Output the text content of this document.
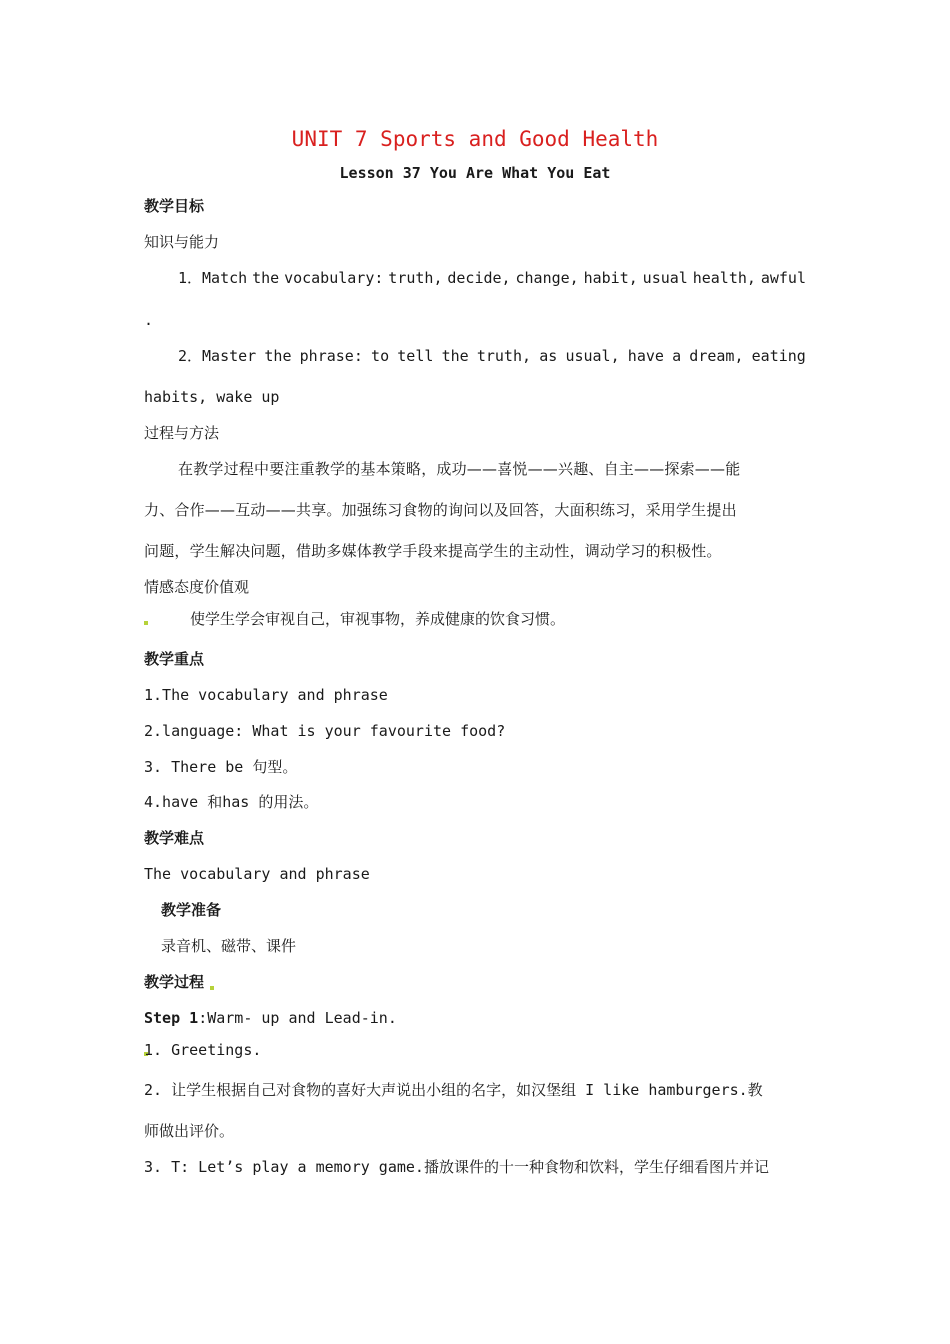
UNIT 7 Sports and Good Health
Lesson 37 You Are What You Eat
教学目标
知识与能力
1．Match the vocabulary: truth, decide, change, habit, usual health, awful
.
2．Master the phrase: to tell the truth, as usual, have a dream, eating
habits, wake up
过程与方法
在教学过程中要注重教学的基本策略，成功——喜悦——兴趣、自主——探索——能
力、合作——互动——共享。加强练习食物的询问以及回答，大面积练习，采用学生提出
问题，学生解决问题，借助多媒体教学手段来提高学生的主动性，调动学习的积极性。
情感态度价值观
使学生学会审视自己，审视事物，养成健康的饮食习惯。
教学重点
1.The vocabulary and phrase
2.language: What is your favourite food?
3. There be 句型。
4.have 和has 的用法。
教学难点
The vocabulary and phrase
教学准备
录音机、磁带、课件
教学过程
Step 1:Warm- up and Lead-in.
1. Greetings.
2. 让学生根据自己对食物的喜好大声说出小组的名字，如汉堡组 I like hamburgers.教
师做出评价。
3. T: Let’s play a memory game.播放课件的十一种食物和饮料，学生仔细看图片并记
